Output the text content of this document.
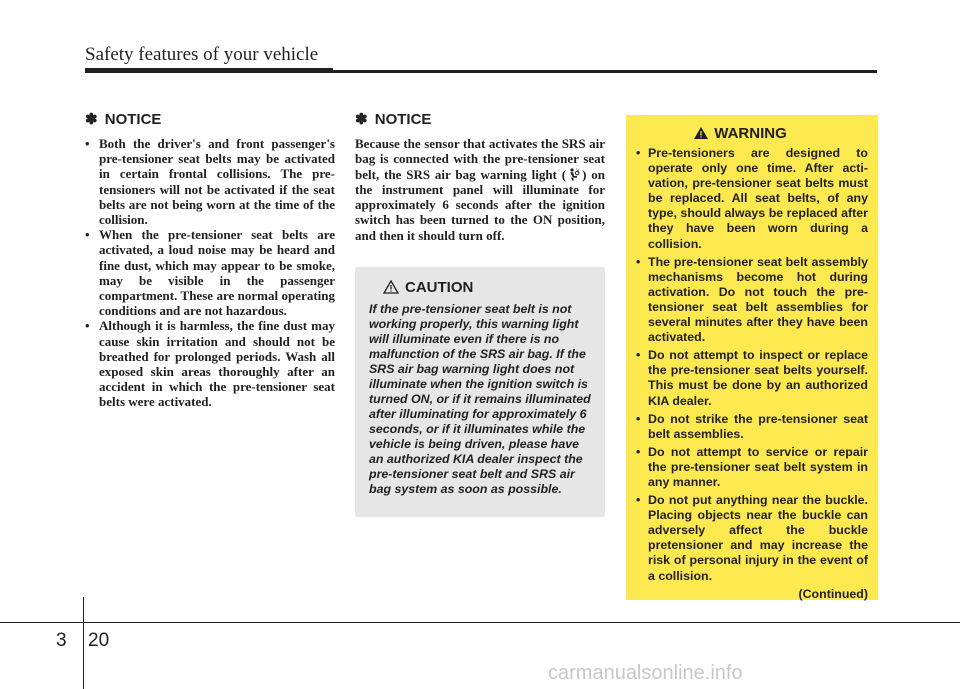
Safety features of your vehicle
✽ NOTICE
• Both the driver's and front passenger's pre-tensioner seat belts may be activated in certain frontal collisions. The pre-tensioners will not be activated if the seat belts are not being worn at the time of the collision.
• When the pre-tensioner seat belts are activated, a loud noise may be heard and fine dust, which may appear to be smoke, may be visible in the passenger compartment. These are normal operating conditions and are not hazardous.
• Although it is harmless, the fine dust may cause skin irritation and should not be breathed for prolonged periods. Wash all exposed skin areas thoroughly after an accident in which the pre-tensioner seat belts were activated.
✽ NOTICE

Because the sensor that activates the SRS air bag is connected with the pre-tensioner seat belt, the SRS air bag warning light ( ) on the instrument panel will illuminate for approximately 6 seconds after the ignition switch has been turned to the ON position, and then it should turn off.

CAUTION
If the pre-tensioner seat belt is not working properly, this warning light will illuminate even if there is no malfunction of the SRS air bag. If the SRS air bag warning light does not illuminate when the ignition switch is turned ON, or if it remains illuminated after illuminating for approximately 6 seconds, or if it illuminates while the vehicle is being driven, please have an authorized KIA dealer inspect the pre-tensioner seat belt and SRS air bag system as soon as possible.
WARNING
• Pre-tensioners are designed to operate only one time. After activation, pre-tensioner seat belts must be replaced. All seat belts, of any type, should always be replaced after they have been worn during a collision.
• The pre-tensioner seat belt assembly mechanisms become hot during activation. Do not touch the pre-tensioner seat belt assemblies for several minutes after they have been activated.
• Do not attempt to inspect or replace the pre-tensioner seat belts yourself. This must be done by an authorized KIA dealer.
• Do not strike the pre-tensioner seat belt assemblies.
• Do not attempt to service or repair the pre-tensioner seat belt system in any manner.
• Do not put anything near the buckle. Placing objects near the buckle can adversely affect the buckle pretensioner and may increase the risk of personal injury in the event of a collision.
(Continued)
3 20
carmanualsonline.info
